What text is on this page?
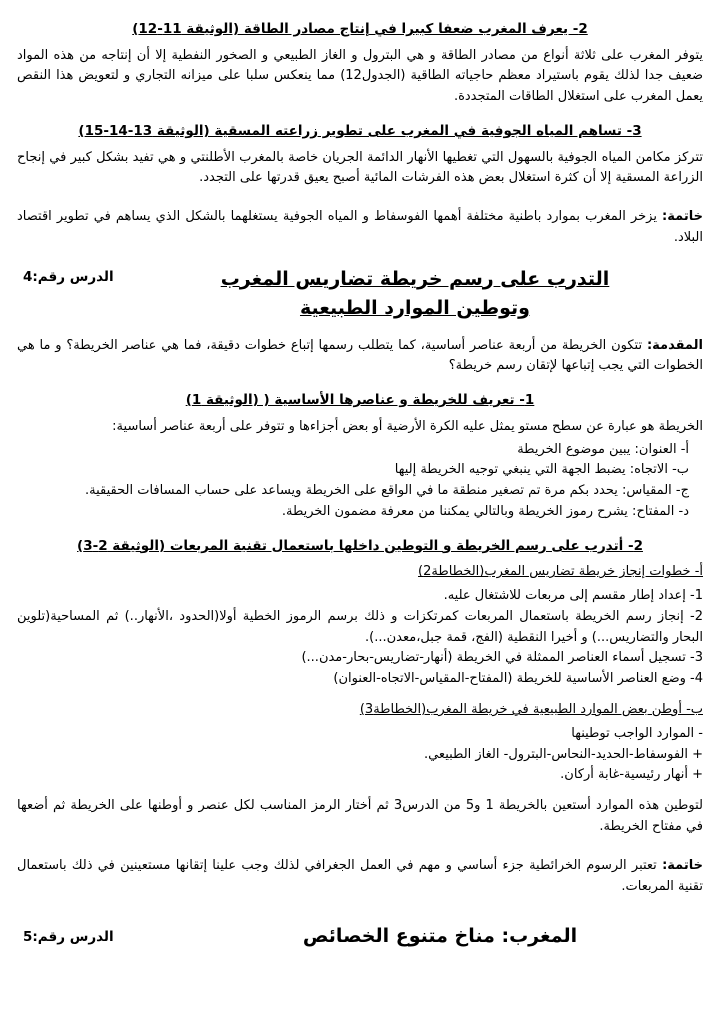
2- يعرف المغرب ضعفا كبيرا في إنتاج مصادر الطاقة (الوثيقة 11-12)

يتوفر المغرب على ثلاثة أنواع من مصادر الطاقة و هي البترول و الغاز الطبيعي و الصخور النفطية إلا أن إنتاجه من هذه المواد ضعيف جدا لذلك يقوم باستيراد معظم حاجياته الطاقية (الجدول12) مما ينعكس سلبا على ميزانه التجاري و لتعويض هذا النقص يعمل المغرب على استغلال الطاقات المتجددة.

3- تساهم المياه الجوفية في المغرب على تطوير زراعته المسقية (الوثيقة 13-14-15)

تتركز مكامن المياه الجوفية بالسهول التي تغطيها الأنهار الدائمة الجريان خاصة بالمغرب الأطلنتي و هي تفيد بشكل كبير في إنجاح الزراعة المسقية إلا أن كثرة استغلال بعض هذه الفرشات المائية أصبح يعيق قدرتها على التجدد.

خاتمة: يزخر المغرب بموارد باطنية مختلفة أهمها الفوسفاط و المياه الجوفية يستغلهما بالشكل الذي يساهم في تطوير اقتصاد البلاد.

الدرس رقم:4	التدرب على رسم خريطة تضاريس المغرب
وتوطين الموارد الطبيعية

المقدمة: تتكون الخريطة من أربعة عناصر أساسية، كما يتطلب رسمها إتباع خطوات دقيقة، فما هي عناصر الخريطة؟ و ما هي الخطوات التي يجب إتباعها لإتقان رسم خريطة؟

1- تعريف للخريطة و عناصرها الأساسية ( (الوثيقة 1)

الخريطة هو عبارة عن سطح مستو يمثل عليه الكرة الأرضية أو بعض أجزاءها و تتوفر على أربعة عناصر أساسية:

أ- العنوان: يبين موضوع الخريطة
ب- الاتجاه: يضبط الجهة التي ينبغي توجيه الخريطة إليها
ج- المقياس: يحدد بكم مرة تم تصغير منطقة ما في الواقع على الخريطة ويساعد على حساب المسافات الحقيقية.
د- المفتاح: يشرح رموز الخريطة وبالتالي يمكننا من معرفة مضمون الخريطة.
2- أتدرب على رسم الخريطة و التوطين داخلها باستعمال تقنية المربعات (الوثيقة 2-3)

أ- خطوات إنجاز خريطة تضاريس المغرب(الخطاطة2)

1- إعداد إطار مقسم إلى مربعات للاشتغال عليه.
2- إنجاز رسم الخريطة باستعمال المربعات كمرتكزات و ذلك برسم الرموز الخطية أولا(الحدود ،الأنهار..) ثم المساحية(تلوين البحار والتضاريس...) و أخيرا النقطية (الفج، قمة جبل،معدن...).
3- تسجيل أسماء العناصر الممثلة في الخريطة (أنهار-تضاريس-بحار-مدن...)
4- وضع العناصر الأساسية للخريطة (المفتاح-المقياس-الاتجاه-العنوان)

ب- أوطن بعض الموارد الطبيعية في خريطة المغرب(الخطاطة3)

- الموارد الواجب توطينها
+ الفوسفاط-الحديد-النحاس-البترول- الغاز الطبيعي.
+ أنهار رئيسية-غابة أركان.

لتوطين هذه الموارد أستعين بالخريطة 1 و5 من الدرس3 ثم أختار الرمز المناسب لكل عنصر و أوطنها على الخريطة ثم أضعها في مفتاح الخريطة.

خاتمة: تعتبر الرسوم الخرائطية جزء أساسي و مهم في العمل الجغرافي لذلك وجب علينا إتقانها مستعينين في ذلك باستعمال تقنية المربعات.

الدرس رقم:5	المغرب: مناخ متنوع الخصائص
